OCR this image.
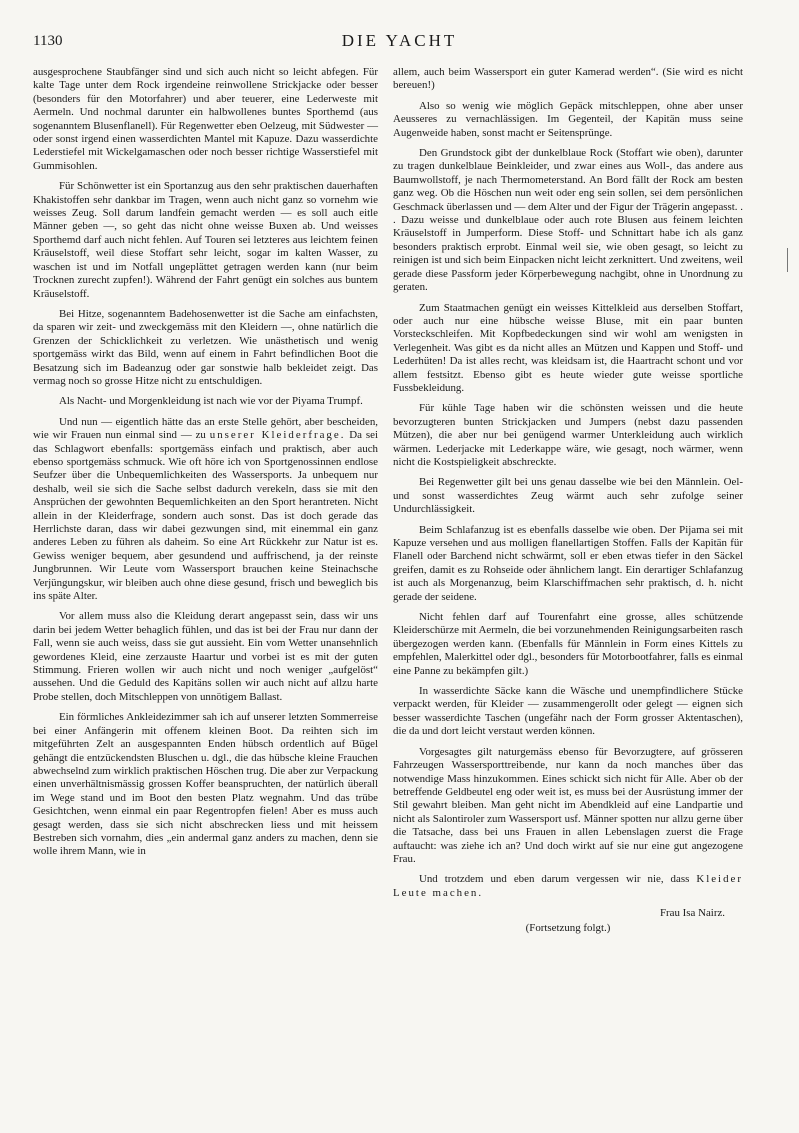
1130	DIE YACHT

ausgesprochene Staubfänger sind und sich auch nicht so leicht abfegen. Für kalte Tage unter dem Rock irgendeine reinwollene Strickjacke oder besser (besonders für den Motorfahrer) und aber teuerer, eine Lederweste mit Aermeln. Und nochmal darunter ein halbwollenes buntes Sporthemd (aus sogenanntem Blusenflanell). Für Regenwetter eben Oelzeug, mit Südwester — oder sonst irgend einen wasserdichten Mantel mit Kapuze. Dazu wasserdichte Lederstiefel mit Wickelgamaschen oder noch besser richtige Wasserstiefel mit Gummisohlen.

Für Schönwetter ist ein Sportanzug aus den sehr praktischen dauerhaften Khakistoffen sehr dankbar im Tragen, wenn auch nicht ganz so vornehm wie weisses Zeug. Soll darum landfein gemacht werden — es soll auch eitle Männer geben —, so geht das nicht ohne weisse Buxen ab. Und weisses Sporthemd darf auch nicht fehlen. Auf Touren sei letzteres aus leichtem feinen Kräuselstoff, weil diese Stoffart sehr leicht, sogar im kalten Wasser, zu waschen ist und im Notfall ungeplättet getragen werden kann (nur beim Trocknen zurecht zupfen!). Während der Fahrt genügt ein solches aus buntem Kräuselstoff.

Bei Hitze, sogenanntem Badehosenwetter ist die Sache am einfachsten, da sparen wir zeit- und zweckgemäss mit den Kleidern —, ohne natürlich die Grenzen der Schicklichkeit zu verletzen. Wie unästhetisch und wenig sportgemäss wirkt das Bild, wenn auf einem in Fahrt befindlichen Boot die Besatzung sich im Badeanzug oder gar sonstwie halb bekleidet zeigt. Das vermag noch so grosse Hitze nicht zu entschuldigen.

Als Nacht- und Morgenkleidung ist nach wie vor der Piyama Trumpf.

Und nun — eigentlich hätte das an erste Stelle gehört, aber bescheiden, wie wir Frauen nun einmal sind — zu unserer Kleiderfrage. Da sei das Schlagwort ebenfalls: sportgemäss einfach und praktisch, aber auch ebenso sportgemäss schmuck. Wie oft höre ich von Sportgenossinnen endlose Seufzer über die Unbequemlichkeiten des Wassersports. Ja unbequem nur deshalb, weil sie sich die Sache selbst dadurch verekeln, dass sie mit den Ansprüchen der gewohnten Bequemlichkeiten an den Sport herantreten. Nicht allein in der Kleiderfrage, sondern auch sonst. Das ist doch gerade das Herrlichste daran, dass wir dabei gezwungen sind, mit einemmal ein ganz anderes Leben zu führen als daheim. So eine Art Rückkehr zur Natur ist es. Gewiss weniger bequem, aber gesundend und auffrischend, ja der reinste Jungbrunnen. Wir Leute vom Wassersport brauchen keine Steinachsche Verjüngungskur, wir bleiben auch ohne diese gesund, frisch und beweglich bis ins späte Alter.

Vor allem muss also die Kleidung derart angepasst sein, dass wir uns darin bei jedem Wetter behaglich fühlen, und das ist bei der Frau nur dann der Fall, wenn sie auch weiss, dass sie gut aussieht. Ein vom Wetter unansehnlich gewordenes Kleid, eine zerzauste Haartur und vorbei ist es mit der guten Stimmung. Frieren wollen wir auch nicht und noch weniger „aufgelöst“ aussehen. Und die Geduld des Kapitäns sollen wir auch nicht auf allzu harte Probe stellen, doch Mitschleppen von unnötigem Ballast.

Ein förmliches Ankleidezimmer sah ich auf unserer letzten Sommerreise bei einer Anfängerin mit offenem kleinen Boot. Da reihten sich im mitgeführten Zelt an ausgespannten Enden hübsch ordentlich auf Bügel gehängt die entzückendsten Bluschen u. dgl., die das hübsche kleine Frauchen abwechselnd zum wirklich praktischen Höschen trug. Die aber zur Verpackung einen unverhältnismässig grossen Koffer beanspruchten, der natürlich überall im Wege stand und im Boot den besten Platz wegnahm. Und das trübe Gesichtchen, wenn einmal ein paar Regentropfen fielen! Aber es muss auch gesagt werden, dass sie sich nicht abschrecken liess und mit heissem Bestreben sich vornahm, dies „ein andermal ganz anders zu machen, denn sie wolle ihrem Mann, wie in

allem, auch beim Wassersport ein guter Kamerad werden“. (Sie wird es nicht bereuen!)

Also so wenig wie möglich Gepäck mitschleppen, ohne aber unser Aeusseres zu vernachlässigen. Im Gegenteil, der Kapitän muss seine Augenweide haben, sonst macht er Seitensprünge.

Den Grundstock gibt der dunkelblaue Rock (Stoffart wie oben), darunter zu tragen dunkelblaue Beinkleider, und zwar eines aus Woll-, das andere aus Baumwollstoff, je nach Thermometerstand. An Bord fällt der Rock am besten ganz weg. Ob die Höschen nun weit oder eng sein sollen, sei dem persönlichen Geschmack überlassen und — dem Alter und der Figur der Trägerin angepasst. . . Dazu weisse und dunkelblaue oder auch rote Blusen aus feinem leichten Kräuselstoff in Jumperform. Diese Stoff- und Schnittart habe ich als ganz besonders praktisch erprobt. Einmal weil sie, wie oben gesagt, so leicht zu reinigen ist und sich beim Einpacken nicht leicht zerknittert. Und zweitens, weil gerade diese Passform jeder Körperbewegung nachgibt, ohne in Unordnung zu geraten.

Zum Staatmachen genügt ein weisses Kittelkleid aus derselben Stoffart, oder auch nur eine hübsche weisse Bluse, mit ein paar bunten Vorsteckschleifen. Mit Kopfbedeckungen sind wir wohl am wenigsten in Verlegenheit. Was gibt es da nicht alles an Mützen und Kappen und Stoff- und Lederhüten! Da ist alles recht, was kleidsam ist, die Haartracht schont und vor allem festsitzt. Ebenso gibt es heute wieder gute weisse sportliche Fussbekleidung.

Für kühle Tage haben wir die schönsten weissen und die heute bevorzugteren bunten Strickjacken und Jumpers (nebst dazu passenden Mützen), die aber nur bei genügend warmer Unterkleidung auch wirklich wärmen. Lederjacke mit Lederkappe wäre, wie gesagt, noch wärmer, wenn nicht die Kostspieligkeit abschreckte.

Bei Regenwetter gilt bei uns genau dasselbe wie bei den Männlein. Oel- und sonst wasserdichtes Zeug wärmt auch sehr zufolge seiner Undurchlässigkeit.

Beim Schlafanzug ist es ebenfalls dasselbe wie oben. Der Pijama sei mit Kapuze versehen und aus molligen flanellartigen Stoffen. Falls der Kapitän für Flanell oder Barchend nicht schwärmt, soll er eben etwas tiefer in den Säckel greifen, damit es zu Rohseide oder ähnlichem langt. Ein derartiger Schlafanzug ist auch als Morgenanzug, beim Klarschiffmachen sehr praktisch, d. h. nicht gerade der seidene.

Nicht fehlen darf auf Tourenfahrt eine grosse, alles schützende Kleiderschürze mit Aermeln, die bei vorzunehmenden Reinigungsarbeiten rasch übergezogen werden kann. (Ebenfalls für Männlein in Form eines Kittels zu empfehlen, Malerkittel oder dgl., besonders für Motorbootfahrer, falls es einmal eine Panne zu bekämpfen gilt.)

In wasserdichte Säcke kann die Wäsche und unempfindlichere Stücke verpackt werden, für Kleider — zusammengerollt oder gelegt — eignen sich besser wasserdichte Taschen (ungefähr nach der Form grosser Aktentaschen), die da und dort leicht verstaut werden können.

Vorgesagtes gilt naturgemäss ebenso für Bevorzugtere, auf grösseren Fahrzeugen Wassersporttreibende, nur kann da noch manches über das notwendige Mass hinzukommen. Eines schickt sich nicht für Alle. Aber ob der betreffende Geldbeutel eng oder weit ist, es muss bei der Ausrüstung immer der Stil gewahrt bleiben. Man geht nicht im Abendkleid auf eine Landpartie und nicht als Salontiroler zum Wassersport usf. Männer spotten nur allzu gerne über die Tatsache, dass bei uns Frauen in allen Lebenslagen zuerst die Frage auftaucht: was ziehe ich an? Und doch wirkt auf sie nur eine gut angezogene Frau.

Und trotzdem und eben darum vergessen wir nie, dass Kleider Leute machen.

Frau Isa Nairz.
(Fortsetzung folgt.)
